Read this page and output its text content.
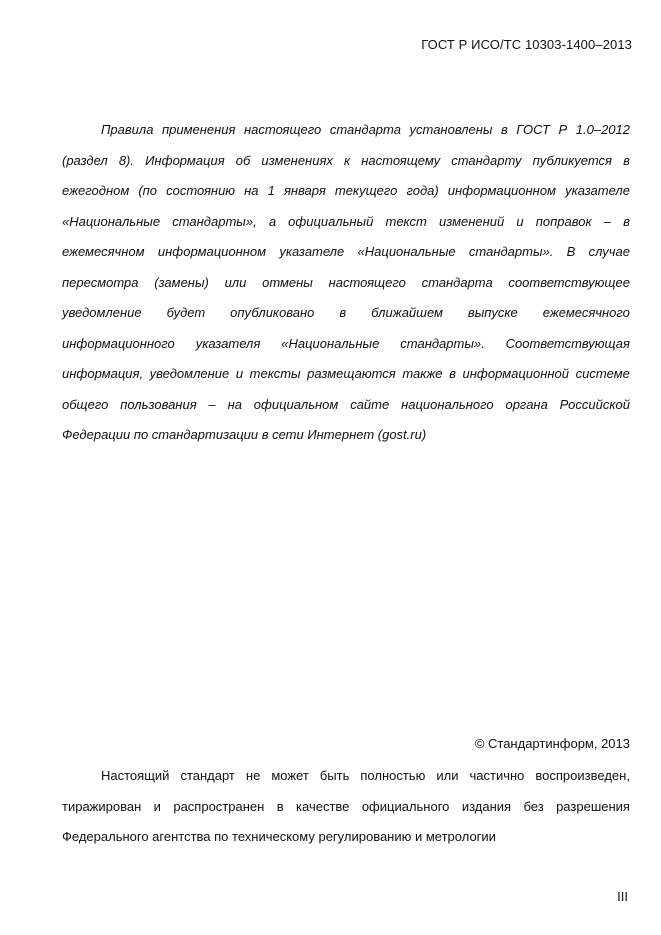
ГОСТ Р ИСО/ТС 10303-1400–2013
Правила применения настоящего стандарта установлены в ГОСТ Р 1.0–2012
(раздел 8). Информация об изменениях к настоящему стандарту публикуется в
ежегодном (по состоянию на 1 января текущего года) информационном указателе
«Национальные стандарты», а официальный текст изменений и поправок – в
ежемесячном информационном указателе «Национальные стандарты». В случае
пересмотра (замены) или отмены настоящего стандарта соответствующее
уведомление будет опубликовано в ближайшем выпуске ежемесячного
информационного указателя «Национальные стандарты». Соответствующая
информация, уведомление и тексты размещаются также в информационной системе
общего пользования – на официальном сайте национального органа Российской
Федерации по стандартизации в сети Интернет (gost.ru)
© Стандартинформ, 2013
Настоящий стандарт не может быть полностью или частично воспроизведен,
тиражирован и распространен в качестве официального издания без разрешения
Федерального агентства по техническому регулированию и метрологии
III
